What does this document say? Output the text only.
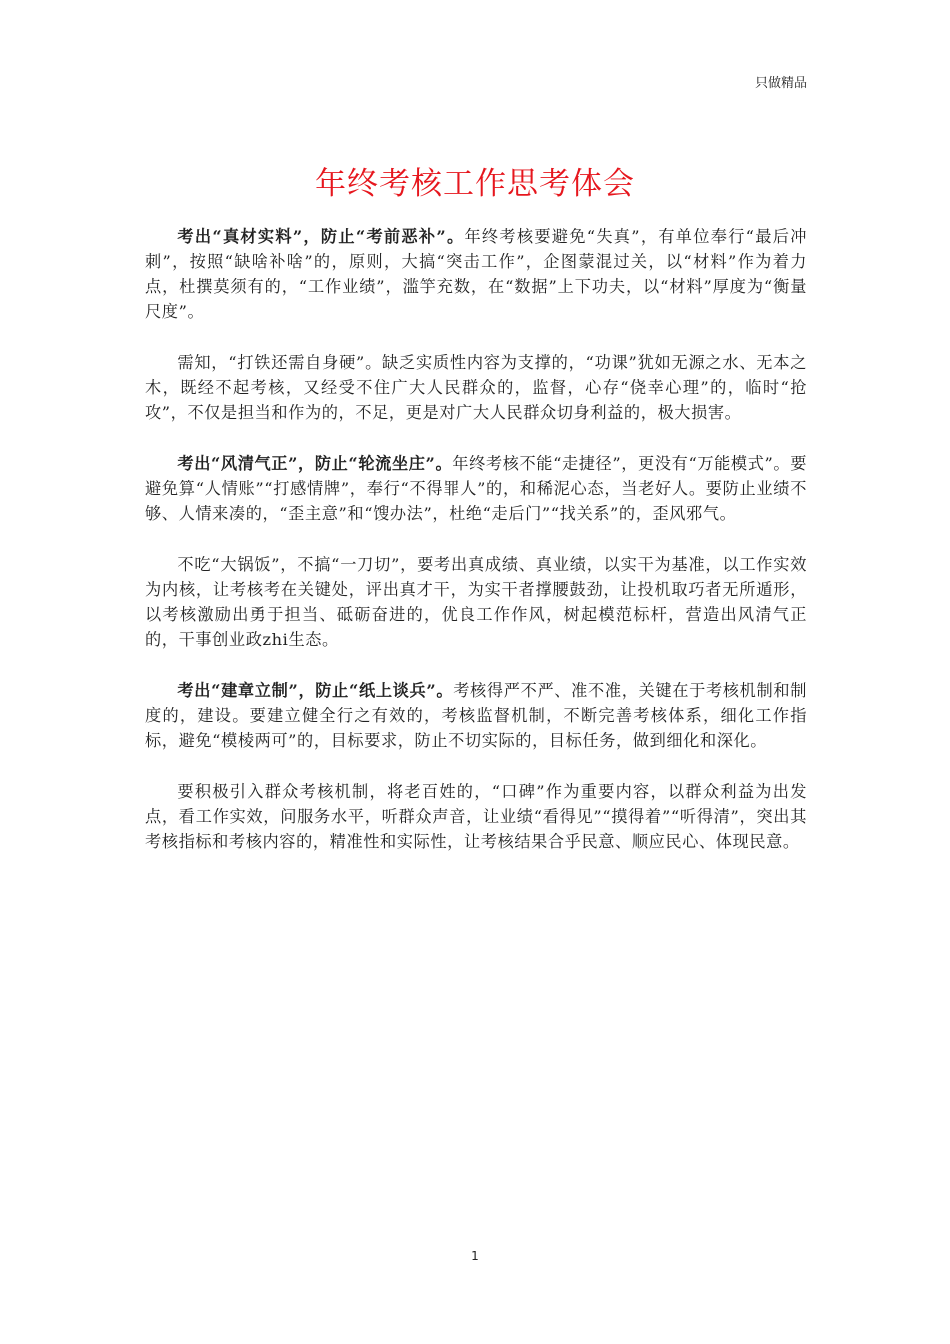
只做精品
年终考核工作思考体会

考出“真材实料”，防止“考前恶补”。年终考核要避免“失真”，有单位奉行“最后冲刺”，按照“缺啥补啥”的，原则，大搞“突击工作”，企图蒙混过关，以“材料”作为着力点，杜撰莫须有的，“工作业绩”，滥竽充数，在“数据”上下功夫，以“材料”厚度为“衡量尺度”。

需知，“打铁还需自身硬”。缺乏实质性内容为支撑的，“功课”犹如无源之水、无本之木，既经不起考核，又经受不住广大人民群众的，监督，心存“侥幸心理”的，临时“抢攻”，不仅是担当和作为的，不足，更是对广大人民群众切身利益的，极大损害。

考出“风清气正”，防止“轮流坐庄”。年终考核不能“走捷径”，更没有“万能模式”。要避免算“人情账”“打感情牌”，奉行“不得罪人”的，和稀泥心态，当老好人。要防止业绩不够、人情来凑的，“歪主意”和“馊办法”，杜绝“走后门”“找关系”的，歪风邪气。

不吃“大锅饭”，不搞“一刀切”，要考出真成绩、真业绩，以实干为基准，以工作实效为内核，让考核考在关键处，评出真才干，为实干者撑腰鼓劲，让投机取巧者无所遁形，以考核激励出勇于担当、砥砺奋进的，优良工作作风，树起模范标杆，营造出风清气正的，干事创业政zhi生态。

考出“建章立制”，防止“纸上谈兵”。考核得严不严、准不准，关键在于考核机制和制度的，建设。要建立健全行之有效的，考核监督机制，不断完善考核体系，细化工作指标，避免“模棱两可”的，目标要求，防止不切实际的，目标任务，做到细化和深化。

要积极引入群众考核机制，将老百姓的，“口碑”作为重要内容，以群众利益为出发点，看工作实效，问服务水平，听群众声音，让业绩“看得见”“摸得着”“听得清”，突出其考核指标和考核内容的，精准性和实际性，让考核结果合乎民意、顺应民心、体现民意。

1
